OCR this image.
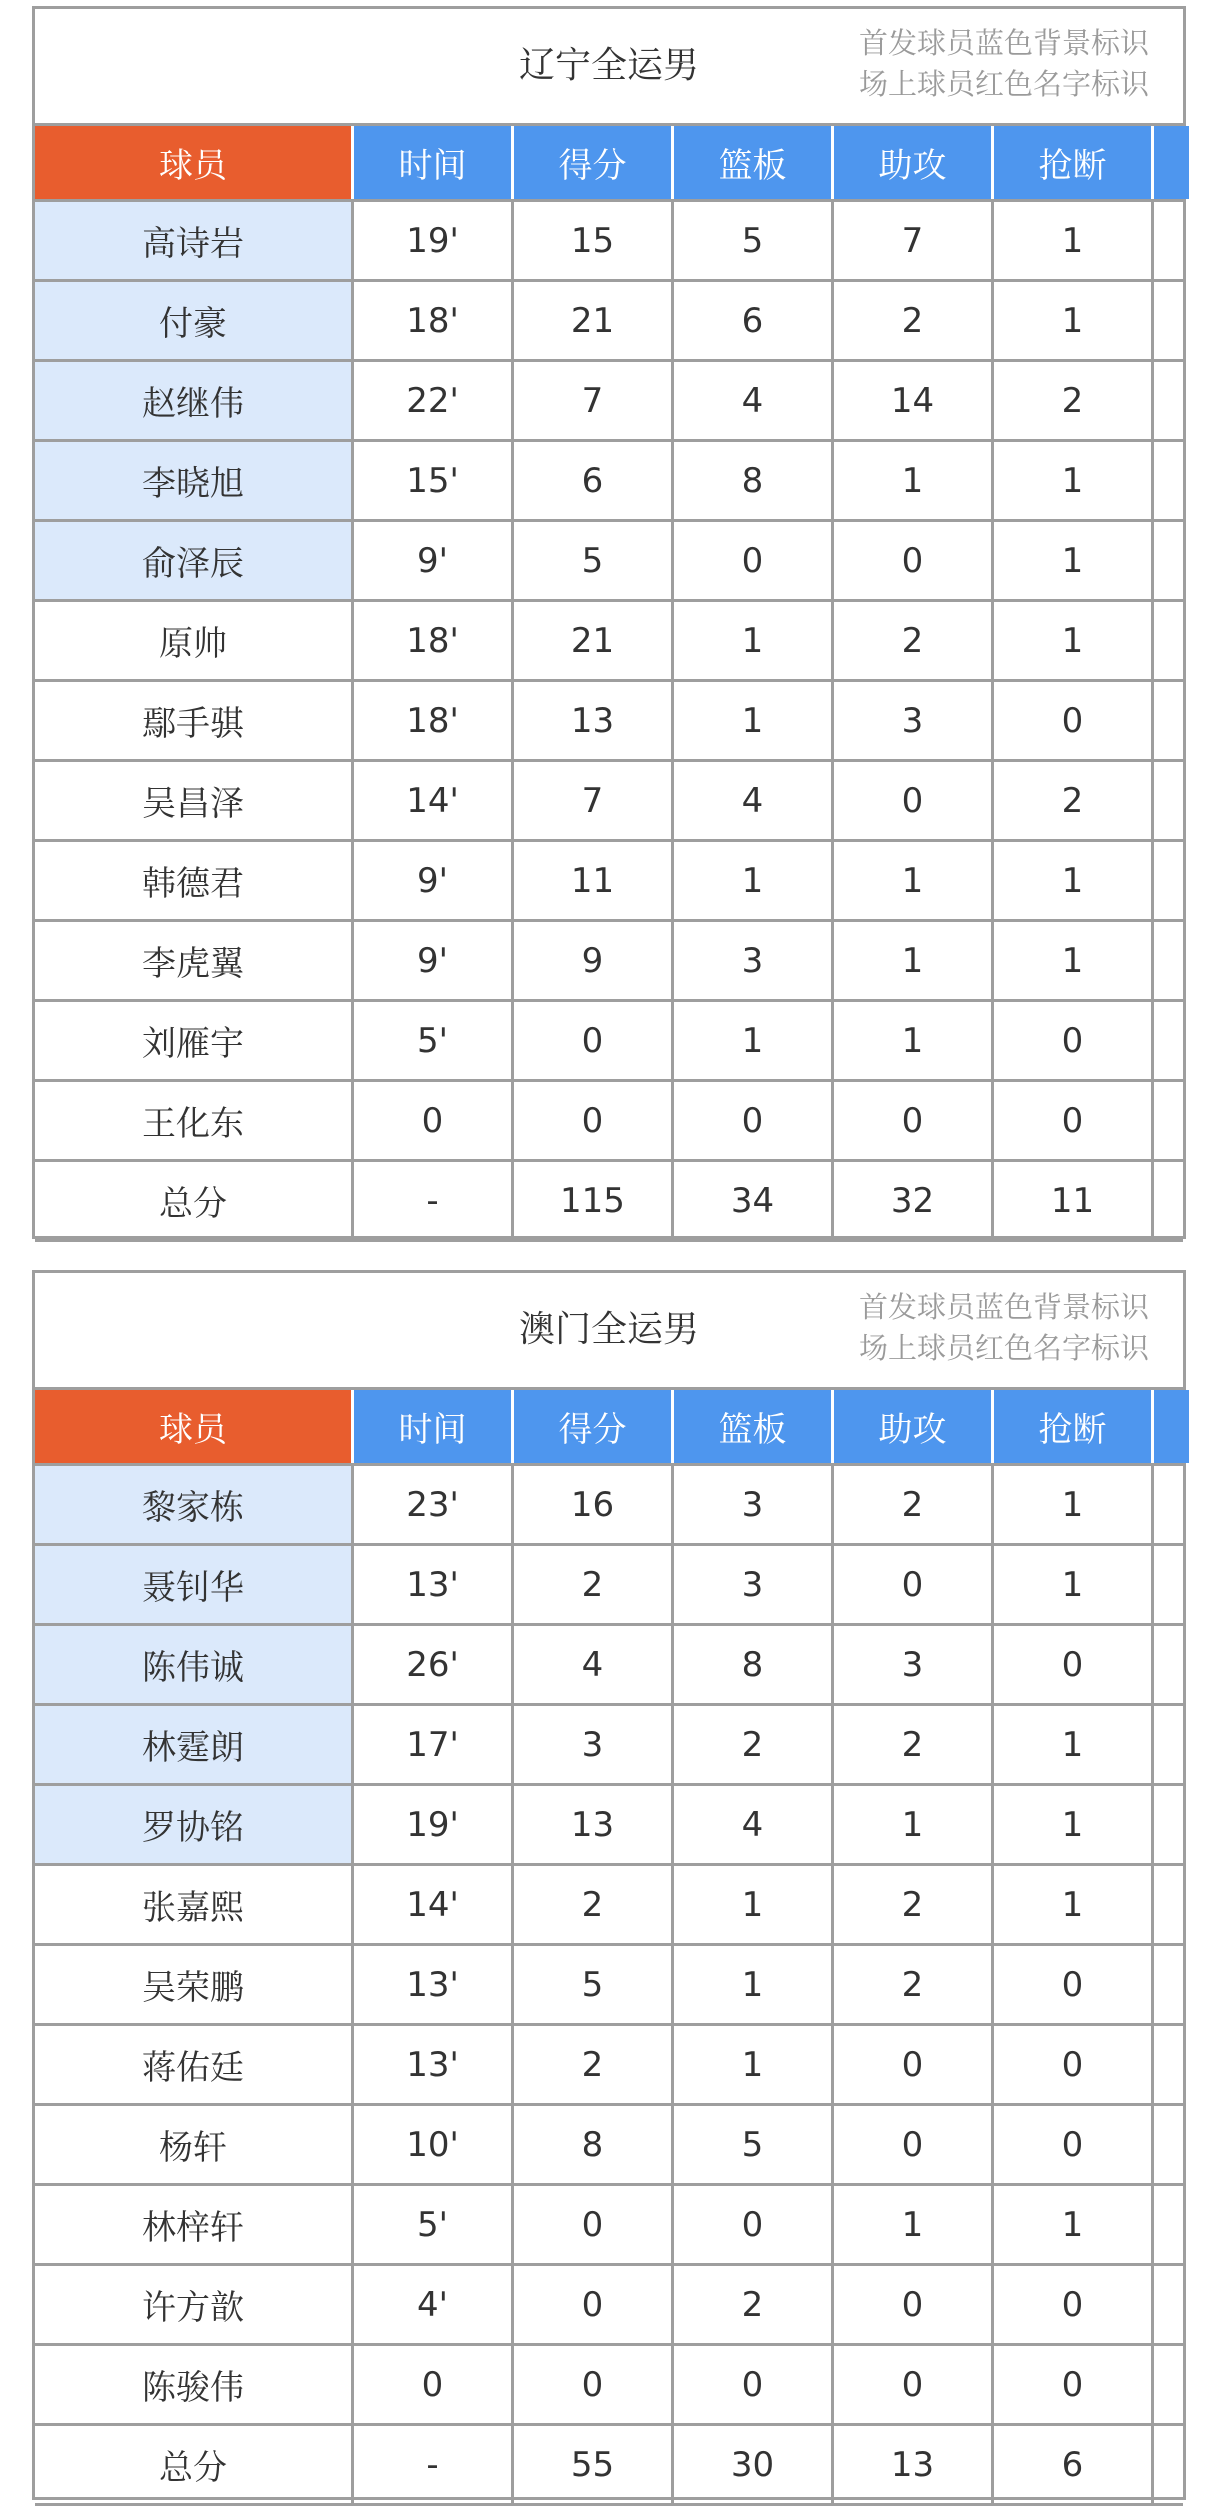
辽宁全运男
首发球员蓝色背景标识
场上球员红色名字标识
球员	时间	得分	篮板	助攻	抢断
高诗岩	19'	15	5	7	1
付豪	18'	21	6	2	1
赵继伟	22'	7	4	14	2
李晓旭	15'	6	8	1	1
俞泽辰	9'	5	0	0	1
原帅	18'	21	1	2	1
鄢手骐	18'	13	1	3	0
吴昌泽	14'	7	4	0	2
韩德君	9'	11	1	1	1
李虎翼	9'	9	3	1	1
刘雁宇	5'	0	1	1	0
王化东	0	0	0	0	0
总分	-	115	34	32	11
澳门全运男
首发球员蓝色背景标识
场上球员红色名字标识
球员	时间	得分	篮板	助攻	抢断
黎家栋	23'	16	3	2	1
聂钊华	13'	2	3	0	1
陈伟诚	26'	4	8	3	0
林霆朗	17'	3	2	2	1
罗协铭	19'	13	4	1	1
张嘉熙	14'	2	1	2	1
吴荣鹏	13'	5	1	2	0
蒋佑廷	13'	2	1	0	0
杨轩	10'	8	5	0	0
林梓轩	5'	0	0	1	1
许方歆	4'	0	2	0	0
陈骏伟	0	0	0	0	0
总分	-	55	30	13	6
